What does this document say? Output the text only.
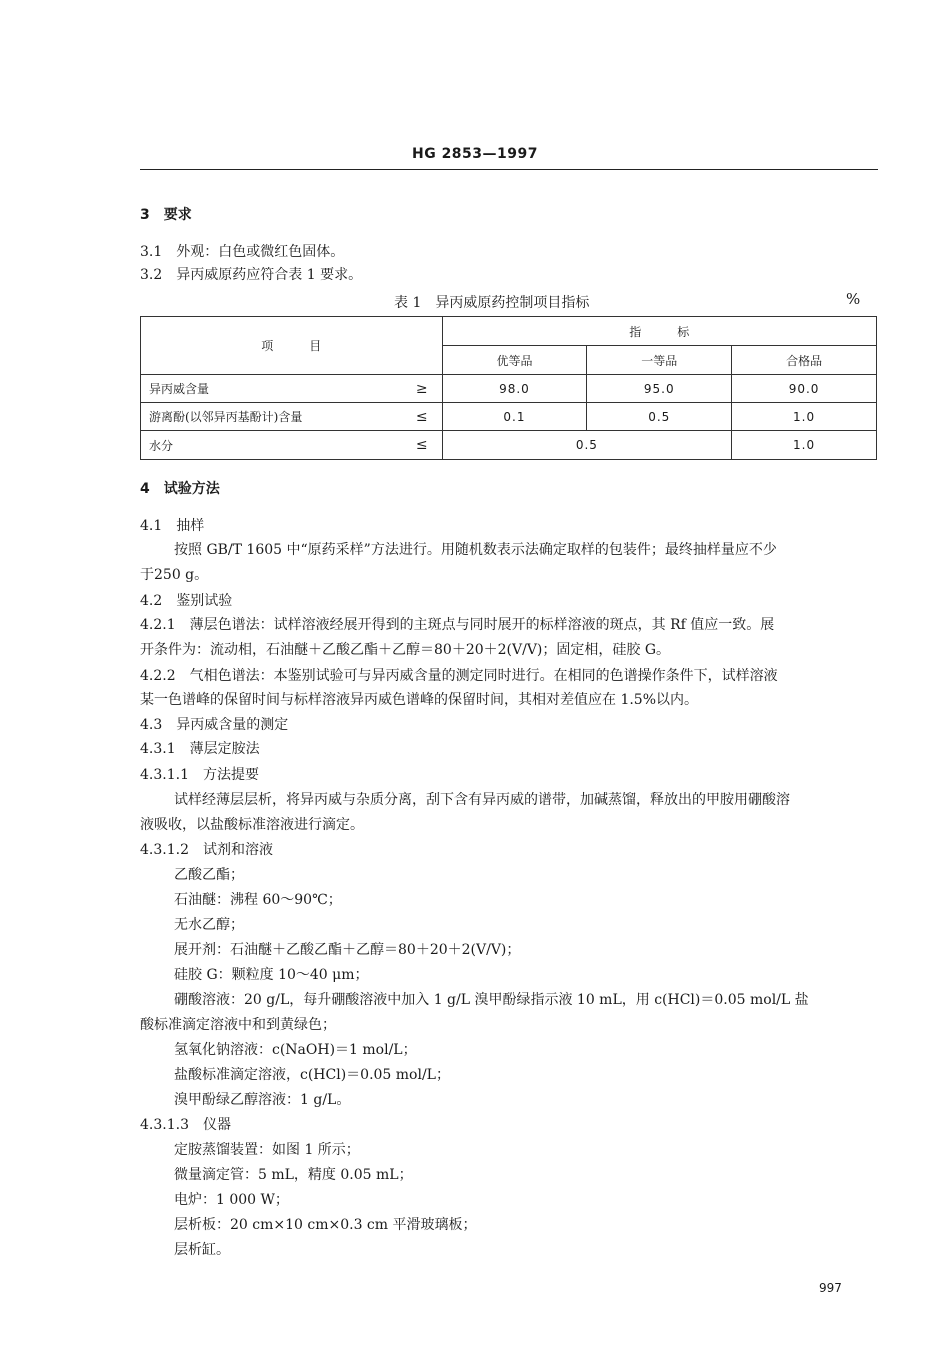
HG 2853—1997
3　要求
3.1　外观：白色或微红色固体。
3.2　异丙威原药应符合表 1 要求。
表 1　异丙威原药控制项目指标	%
项　　　目	指　　　标		
	优等品	一等品	合格品
异丙威含量 ≥	98.0	95.0	90.0
游离酚(以邻异丙基酚计)含量 ≤	0.1	0.5	1.0
水分 ≤	0.5		1.0
4　试验方法
4.1　抽样
按照 GB/T 1605 中“原药采样”方法进行。用随机数表示法确定取样的包装件；最终抽样量应不少
于250 g。
4.2　鉴别试验
4.2.1　薄层色谱法：试样溶液经展开得到的主斑点与同时展开的标样溶液的斑点，其 Rf 值应一致。展
开条件为：流动相，石油醚＋乙酸乙酯＋乙醇＝80＋20＋2(V/V)；固定相，硅胶 G。
4.2.2　气相色谱法：本鉴别试验可与异丙威含量的测定同时进行。在相同的色谱操作条件下，试样溶液
某一色谱峰的保留时间与标样溶液异丙威色谱峰的保留时间，其相对差值应在 1.5%以内。
4.3　异丙威含量的测定
4.3.1　薄层定胺法
4.3.1.1　方法提要
试样经薄层层析，将异丙威与杂质分离，刮下含有异丙威的谱带，加碱蒸馏，释放出的甲胺用硼酸溶
液吸收，以盐酸标准溶液进行滴定。
4.3.1.2　试剂和溶液
乙酸乙酯；
石油醚：沸程 60～90℃；
无水乙醇；
展开剂：石油醚＋乙酸乙酯＋乙醇＝80＋20＋2(V/V)；
硅胶 G：颗粒度 10～40 μm；
硼酸溶液：20 g/L，每升硼酸溶液中加入 1 g/L 溴甲酚绿指示液 10 mL，用 c(HCl)＝0.05 mol/L 盐
酸标准滴定溶液中和到黄绿色；
氢氧化钠溶液：c(NaOH)＝1 mol/L；
盐酸标准滴定溶液，c(HCl)＝0.05 mol/L；
溴甲酚绿乙醇溶液：1 g/L。
4.3.1.3　仪器
定胺蒸馏装置：如图 1 所示；
微量滴定管：5 mL，精度 0.05 mL；
电炉：1 000 W；
层析板：20 cm×10 cm×0.3 cm 平滑玻璃板；
层析缸。
997
